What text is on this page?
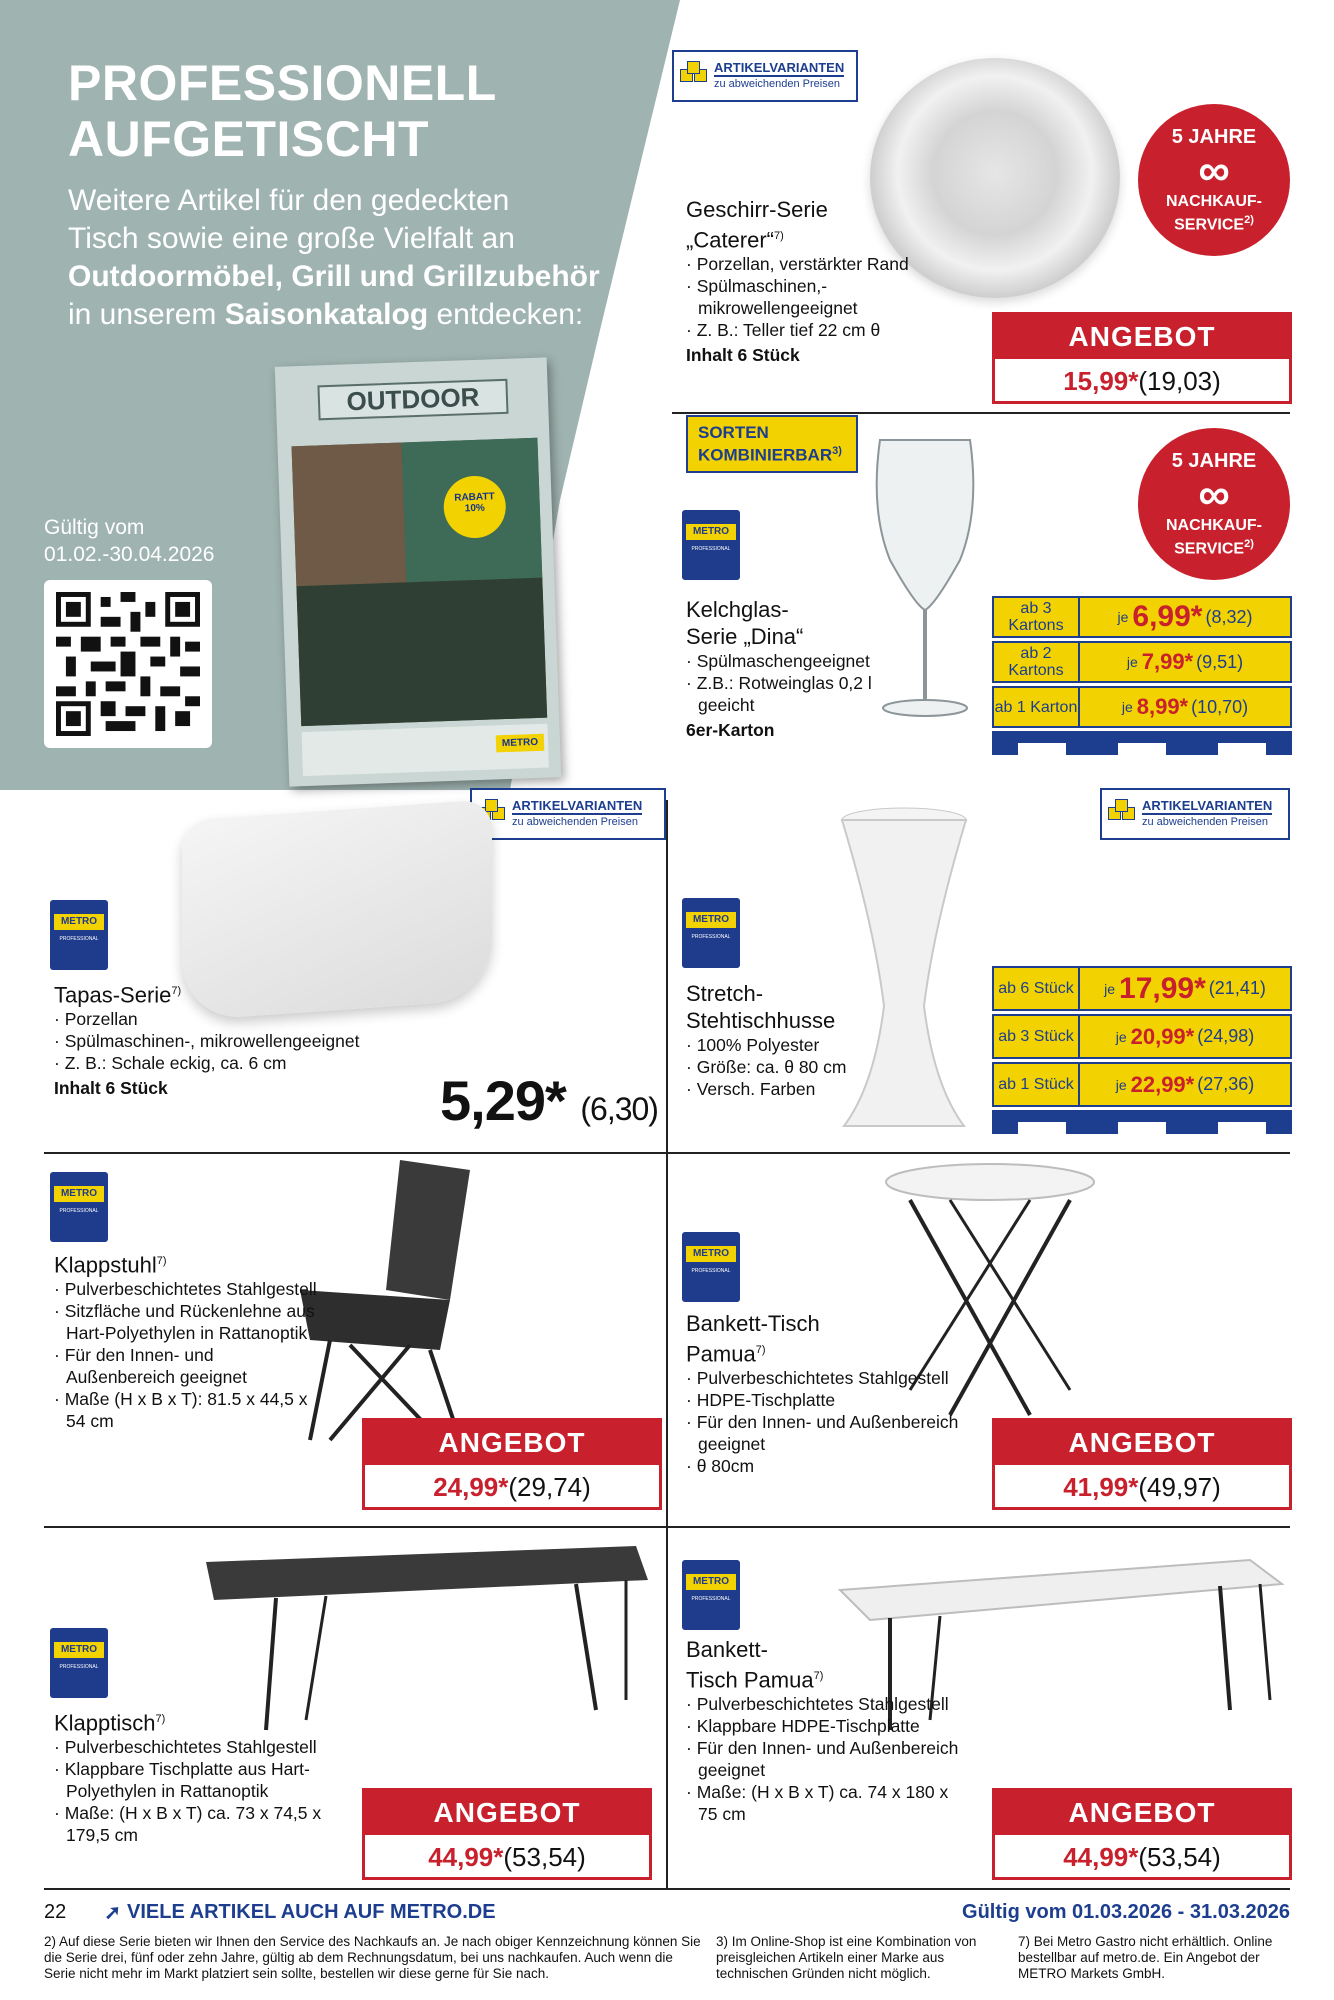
PROFESSIONELL
AUFGETISCHT
Weitere Artikel für den gedeckten
Tisch sowie eine große Vielfalt an
Outdoormöbel, Grill und Grillzubehör
in unserem Saisonkatalog entdecken:
Gültig vom
01.02.-30.04.2026
OUTDOOR
RABATT 10%
METRO
ARTIKELVARIANTEN
zu abweichenden Preisen
ARTIKELVARIANTEN
zu abweichenden Preisen
ARTIKELVARIANTEN
zu abweichenden Preisen
5 JAHRE
∞
NACHKAUF-
SERVICE$^{2)}$
5 JAHRE
∞
NACHKAUF-
SERVICE$^{2)}$
Geschirr-Serie
„Caterer“$^{7)}$
· Porzellan, verstärkter Rand
· Spülmaschinen,- mikrowellengeeignet
· Z. B.: Teller tief 22 cm θ
Inhalt 6 Stück
ANGEBOT
15,99*(19,03)
SORTEN
KOMBINIERBAR$^{3)}$
METRO
PROFESSIONAL
METRO
PROFESSIONAL
METRO
PROFESSIONAL
METRO
PROFESSIONAL
METRO
PROFESSIONAL
METRO
PROFESSIONAL
METRO
PROFESSIONAL
Kelchglas-
Serie „Dina“
· Spülmaschengeeignet
· Z.B.: Rotweinglas 0,2 l geeicht
6er-Karton
ab 3 Kartons	je 6,99* (8,32)
ab 2 Kartons	je 7,99* (9,51)
ab 1 Karton	je 8,99* (10,70)
Tapas-Serie$^{7)}$
· Porzellan
· Spülmaschinen-, mikrowellengeeignet
· Z. B.: Schale eckig, ca. 6 cm
Inhalt 6 Stück	5,29* (6,30)
Stretch-
Stehtischhusse
· 100% Polyester
· Größe: ca. θ 80 cm
· Versch. Farben
ab 6 Stück	je 17,99* (21,41)
ab 3 Stück	je 20,99* (24,98)
ab 1 Stück	je 22,99* (27,36)
Klappstuhl$^{7)}$
· Pulverbeschichtetes Stahlgestell
· Sitzfläche und Rückenlehne aus Hart-Polyethylen in Rattanoptik
· Für den Innen- und Außenbereich geeignet
· Maße (H x B x T): 81.5 x 44,5 x 54 cm
ANGEBOT
24,99*(29,74)
Bankett-Tisch
Pamua$^{7)}$
· Pulverbeschichtetes Stahlgestell
· HDPE-Tischplatte
· Für den Innen- und Außenbereich geeignet
· θ 80cm
ANGEBOT
41,99*(49,97)
Klapptisch$^{7)}$
· Pulverbeschichtetes Stahlgestell
· Klappbare Tischplatte aus Hart-Polyethylen in Rattanoptik
· Maße: (H x B x T) ca. 73 x 74,5 x 179,5 cm
ANGEBOT
44,99*(53,54)
Bankett-
Tisch Pamua$^{7)}$
· Pulverbeschichtetes Stahlgestell
· Klappbare HDPE-Tischplatte
· Für den Innen- und Außenbereich geeignet
· Maße: (H x B x T) ca. 74 x 180 x 75 cm	ANGEBOT
44,99*(53,54)
22 ➚ VIELE ARTIKEL AUCH AUF METRO.DE	Gültig vom 01.03.2026 - 31.03.2026
2) Auf diese Serie bieten wir Ihnen den Service des Nachkaufs an. Je nach obiger Kennzeichnung können Sie die Serie drei, fünf oder zehn Jahre, gültig ab dem Rechnungsdatum, bei uns nachkaufen. Auch wenn die Serie nicht mehr im Markt platziert sein sollte, bestellen wir diese gerne für Sie nach.
3) Im Online-Shop ist eine Kombination von preisgleichen Artikeln einer Marke aus technischen Gründen nicht möglich.
7) Bei Metro Gastro nicht erhältlich. Online bestellbar auf metro.de. Ein Angebot der METRO Markets GmbH.
